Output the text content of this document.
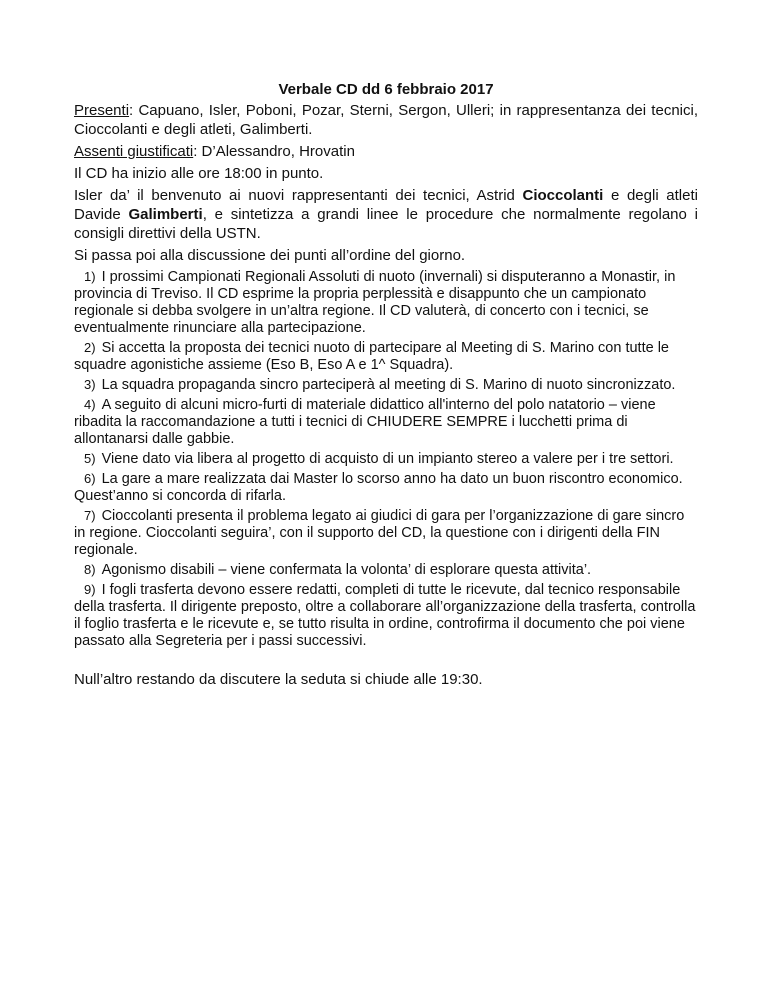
Verbale CD dd 6 febbraio 2017

Presenti: Capuano, Isler, Poboni, Pozar, Sterni, Sergon, Ulleri; in rappresentanza dei tecnici, Cioccolanti e degli atleti, Galimberti.

Assenti giustificati: D’Alessandro, Hrovatin

Il CD ha inizio alle ore 18:00 in punto.

Isler da’ il benvenuto ai nuovi rappresentanti dei tecnici, Astrid Cioccolanti e degli atleti Davide Galimberti, e sintetizza a grandi linee le procedure che normalmente regolano i consigli direttivi della USTN.

Si passa poi alla discussione dei punti all’ordine del giorno.

1) I prossimi Campionati Regionali Assoluti di nuoto (invernali) si disputeranno a Monastir, in provincia di Treviso. Il CD esprime la propria perplessità e disappunto che un campionato regionale si debba svolgere in un’altra regione. Il CD valuterà, di concerto con i tecnici, se eventualmente rinunciare alla partecipazione.
2) Si accetta la proposta dei tecnici nuoto di partecipare al Meeting di S. Marino con tutte le squadre agonistiche assieme (Eso B, Eso A e 1^ Squadra).
3) La squadra propaganda sincro parteciperà al meeting di S. Marino di nuoto sincronizzato.
4) A seguito di alcuni micro-furti di materiale didattico all'interno del polo natatorio – viene ribadita la raccomandazione a tutti i tecnici di CHIUDERE SEMPRE i lucchetti prima di allontanarsi dalle gabbie.
5) Viene dato via libera al progetto di acquisto di un impianto stereo a valere per i tre settori.
6) La gare a mare realizzata dai Master lo scorso anno ha dato un buon riscontro economico. Quest’anno si concorda di rifarla.
7) Cioccolanti presenta il problema legato ai giudici di gara per l’organizzazione di gare sincro in regione. Cioccolanti seguira’, con il supporto del CD, la questione con i dirigenti della FIN regionale.
8) Agonismo disabili – viene confermata la volonta’ di esplorare questa attivita’.
9) I fogli trasferta devono essere redatti, completi di tutte le ricevute, dal tecnico responsabile della trasferta. Il dirigente preposto, oltre a collaborare all’organizzazione della trasferta, controlla il foglio trasferta e le ricevute e, se tutto risulta in ordine, controfirma il documento che poi viene passato alla Segreteria per i passi successivi.

Null’altro restando da discutere la seduta si chiude alle 19:30.
